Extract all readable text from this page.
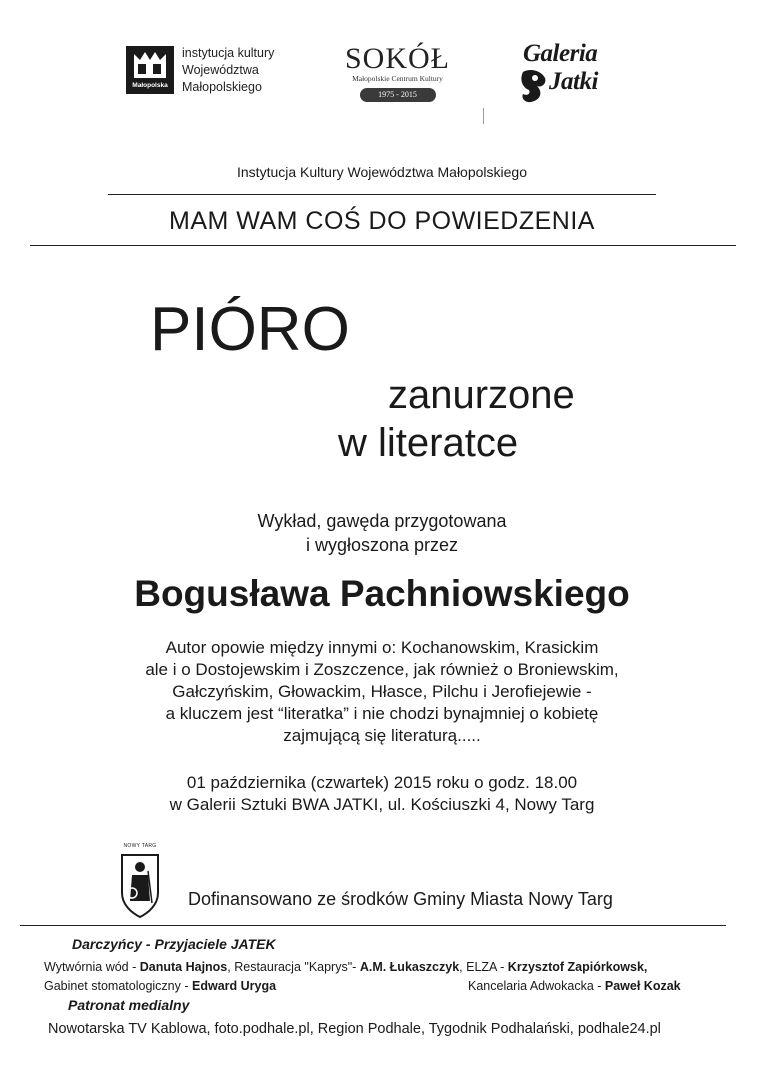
Małopolska
instytucja kultury
Województwa
Małopolskiego
SOKÓŁ
Małopolskie Centrum Kultury
1975 - 2015
Galeria
Jatki
Instytucja Kultury Województwa Małopolskiego
MAM WAM COŚ DO POWIEDZENIA
PIÓRO
zanurzone
w literatce
Wykład, gawęda przygotowana
i wygłoszona przez
Bogusława Pachniowskiego
Autor opowie między innymi o: Kochanowskim, Krasickim
ale i o Dostojewskim i Zoszczence, jak również o Broniewskim,
Gałczyńskim, Głowackim, Hłasce, Pilchu i Jerofiejewie -
a kluczem jest “literatka” i nie chodzi bynajmniej o kobietę
zajmującą się literaturą.....
01 października (czwartek) 2015 roku o godz. 18.00
w Galerii Sztuki BWA JATKI, ul. Kościuszki 4, Nowy Targ
NOWY TARG
Dofinansowano ze środków Gminy Miasta Nowy Targ
Darczyńcy - Przyjaciele JATEK
Wytwórnia wód - Danuta Hajnos, Restauracja "Kaprys"- A.M. Łukaszczyk, ELZA - Krzysztof Zapiórkowsk,
Gabinet stomatologiczny - Edward Uryga	Kancelaria Adwokacka - Paweł Kozak
Patronat medialny
Nowotarska TV Kablowa, foto.podhale.pl, Region Podhale, Tygodnik Podhalański, podhale24.pl
